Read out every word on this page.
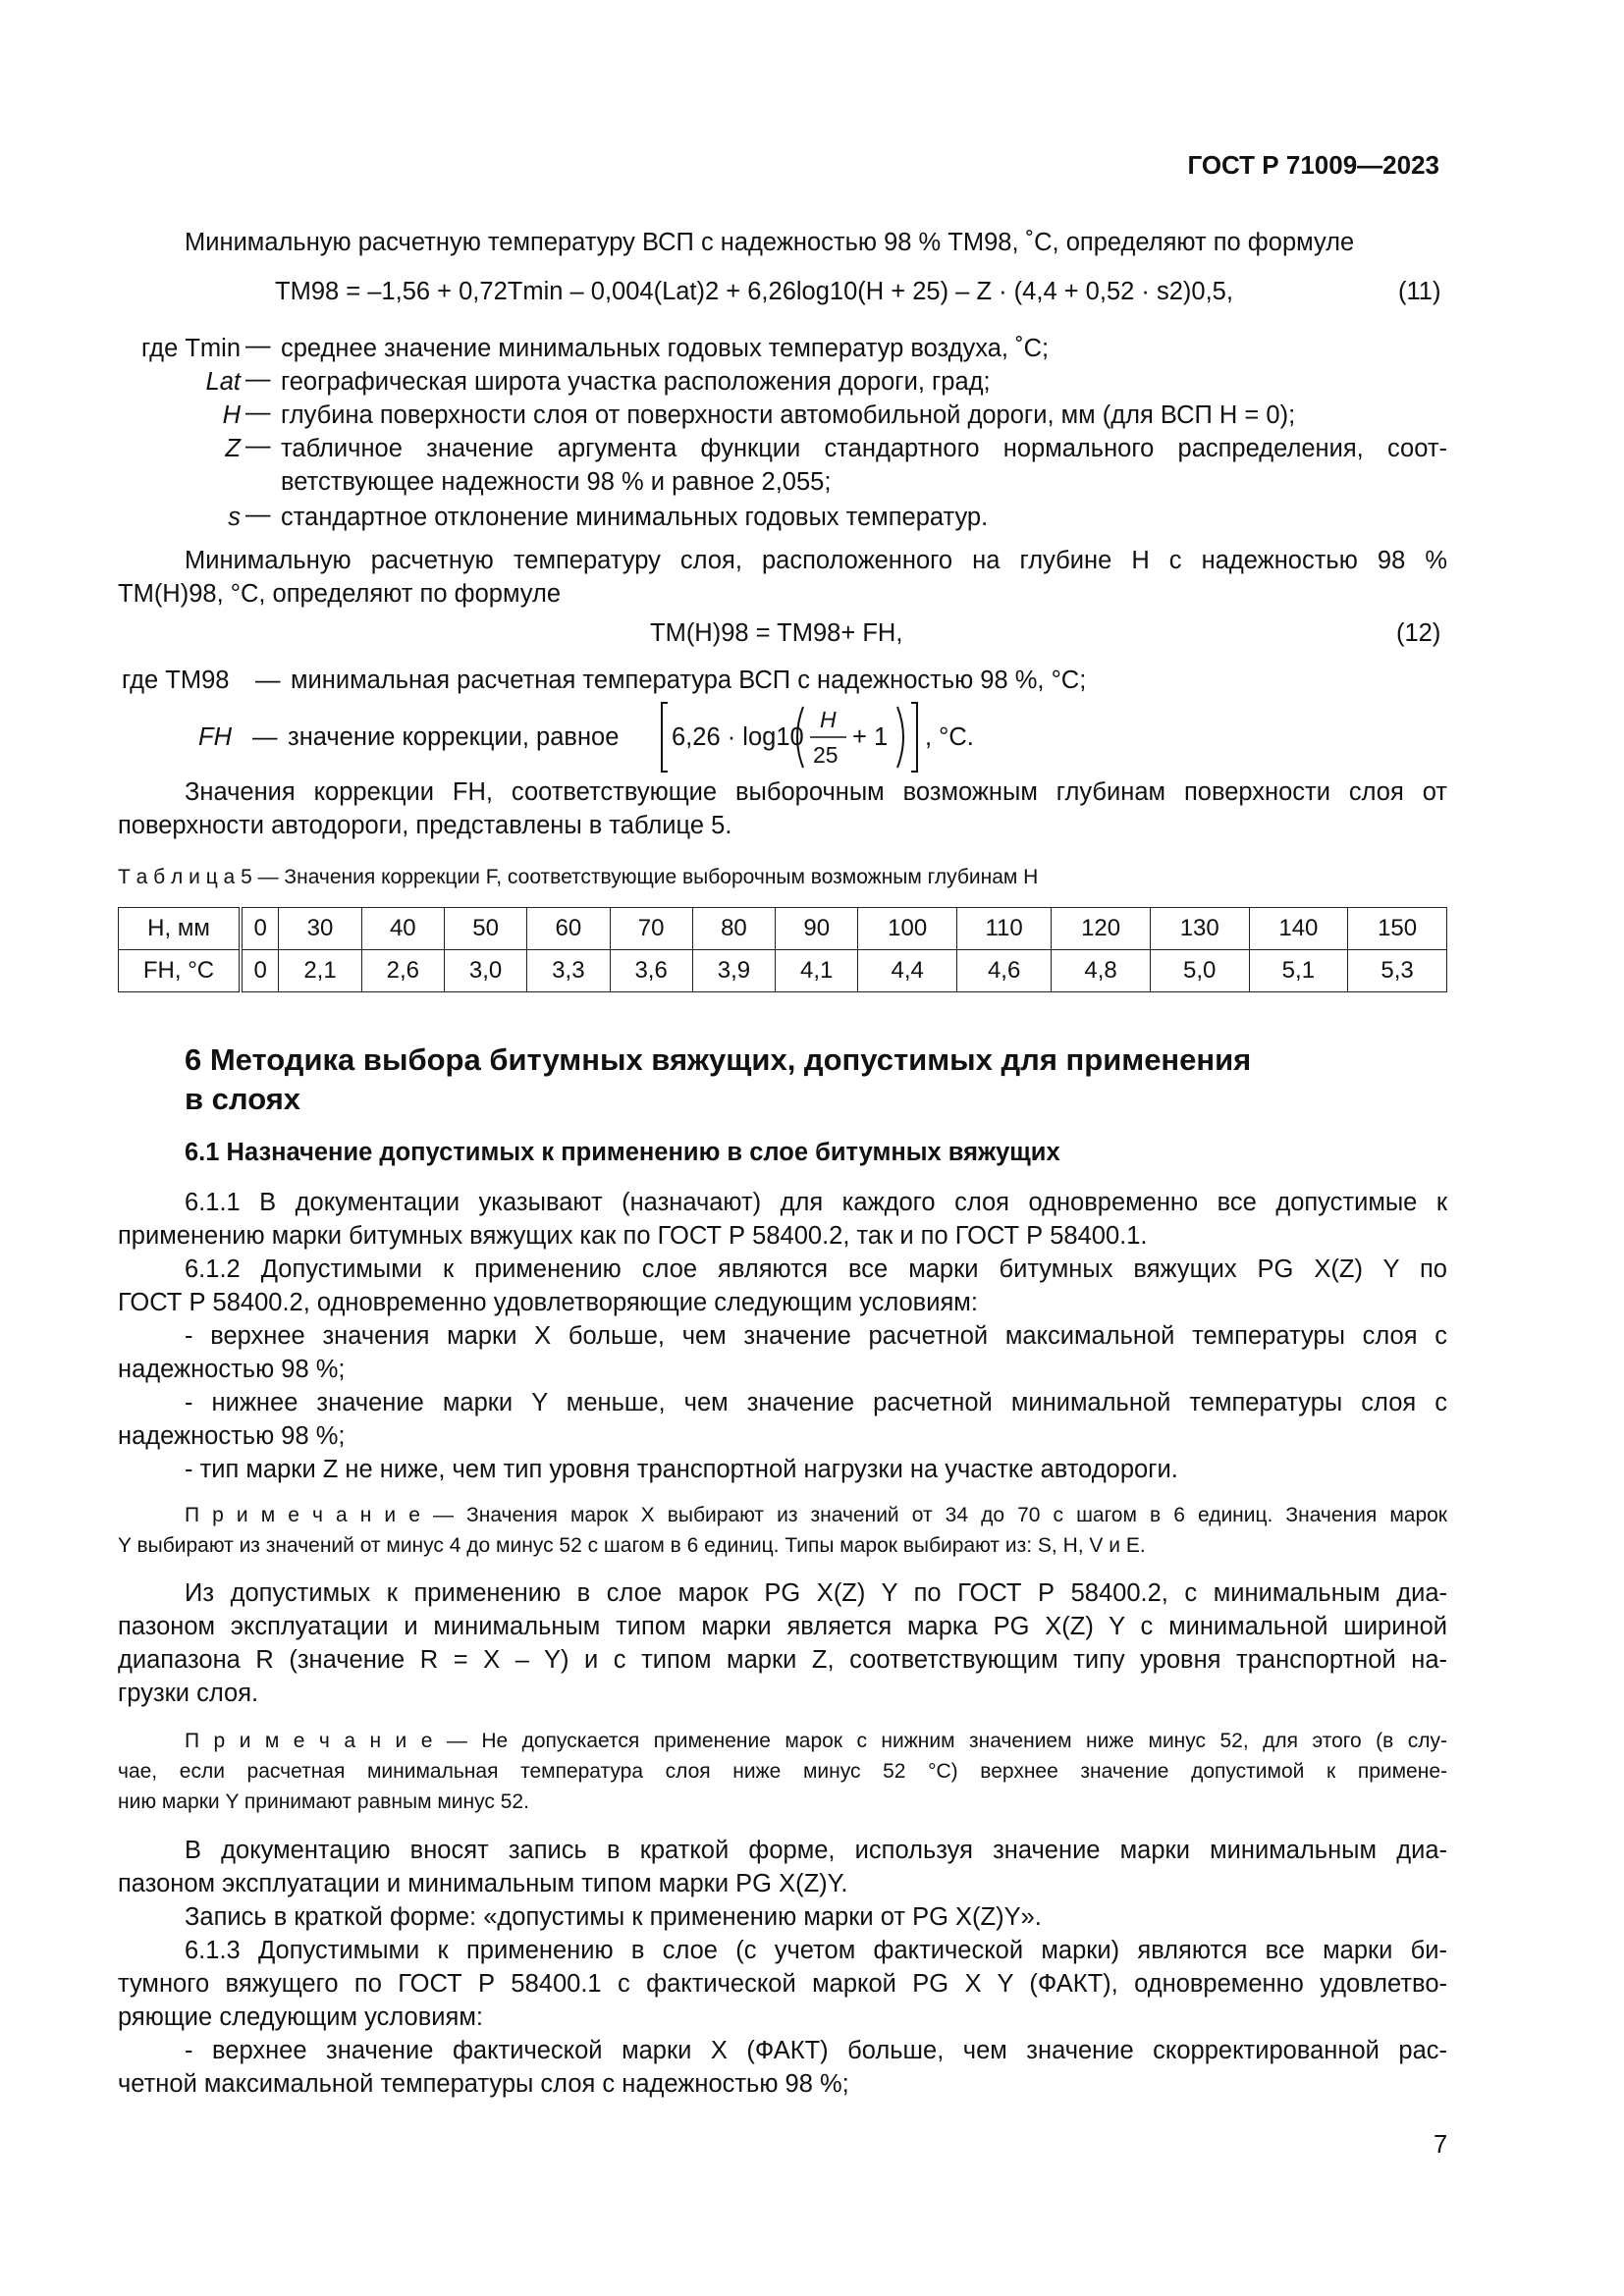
ГОСТ Р 71009—2023
Минимальную расчетную температуру ВСП с надежностью 98 % TM98, ˚C, определяют по формуле
TM98 = –1,56 + 0,72Tmin – 0,004(Lat)2 + 6,26log10(H + 25) – Z · (4,4 + 0,52 · s2)0,5,	(11)
где Tmin — среднее значение минимальных годовых температур воздуха, ˚C;
Lat — географическая широта участка расположения дороги, град;
H — глубина поверхности слоя от поверхности автомобильной дороги, мм (для ВСП H = 0);
Z — табличное значение аргумента функции стандартного нормального распределения, соот-
ветствующее надежности 98 % и равное 2,055;
s — стандартное отклонение минимальных годовых температур.
Минимальную расчетную температуру слоя, расположенного на глубине H с надежностью 98 %
TM(H)98, °C, определяют по формуле
TM(H)98 = TM98+ FH,	(12)
где TM98 — минимальная расчетная температура ВСП с надежностью 98 %, °C;
FH — значение коррекции, равное 6,26 · log10
H
25
+ 1 , °C.
Значения коррекции FH, соответствующие выборочным возможным глубинам поверхности слоя от
поверхности автодороги, представлены в таблице 5.
Т а б л и ц а 5 — Значения коррекции F, соответствующие выборочным возможным глубинам H
H, мм	0	30	40	50	60	70	80	90	100	110	120	130	140	150
FH, °C	0	2,1	2,6	3,0	3,3	3,6	3,9	4,1	4,4	4,6	4,8	5,0	5,1	5,3
6 Методика выбора битумных вяжущих, допустимых для применения
в слоях
6.1 Назначение допустимых к применению в слое битумных вяжущих
6.1.1 В документации указывают (назначают) для каждого слоя одновременно все допустимые к
применению марки битумных вяжущих как по ГОСТ Р 58400.2, так и по ГОСТ Р 58400.1.
6.1.2 Допустимыми к применению слое являются все марки битумных вяжущих PG X(Z) Y по
ГОСТ Р 58400.2, одновременно удовлетворяющие следующим условиям:
- верхнее значения марки X больше, чем значение расчетной максимальной температуры слоя с
надежностью 98 %;
- нижнее значение марки Y меньше, чем значение расчетной минимальной температуры слоя с
надежностью 98 %;
- тип марки Z не ниже, чем тип уровня транспортной нагрузки на участке автодороги.
П р и м е ч а н и е — Значения марок X выбирают из значений от 34 до 70 с шагом в 6 единиц. Значения марок
Y выбирают из значений от минус 4 до минус 52 с шагом в 6 единиц. Типы марок выбирают из: S, H, V и E.
Из допустимых к применению в слое марок PG X(Z) Y по ГОСТ Р 58400.2, с минимальным диа-
пазоном эксплуатации и минимальным типом марки является марка PG X(Z) Y с минимальной шириной
диапазона R (значение R = X – Y) и с типом марки Z, соответствующим типу уровня транспортной на-
грузки слоя.
П р и м е ч а н и е — Не допускается применение марок с нижним значением ниже минус 52, для этого (в слу-
чае, если расчетная минимальная температура слоя ниже минус 52 °C) верхнее значение допустимой к примене-
нию марки Y принимают равным минус 52.
В документацию вносят запись в краткой форме, используя значение марки минимальным диа-
пазоном эксплуатации и минимальным типом марки PG X(Z)Y.
Запись в краткой форме: «допустимы к применению марки от PG X(Z)Y».
6.1.3 Допустимыми к применению в слое (с учетом фактической марки) являются все марки би-
тумного вяжущего по ГОСТ Р 58400.1 с фактической маркой PG X Y (ФАКТ), одновременно удовлетво-
ряющие следующим условиям:
- верхнее значение фактической марки X (ФАКТ) больше, чем значение скорректированной рас-
четной максимальной температуры слоя с надежностью 98 %;
7
